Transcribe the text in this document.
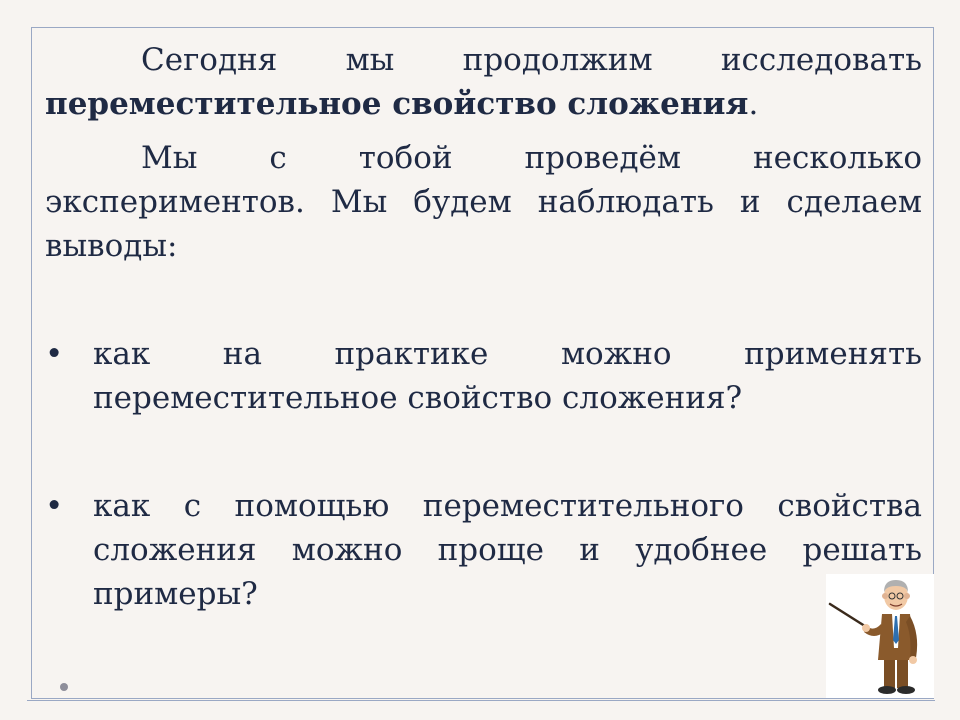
Сегодня мы продолжим исследовать переместительное свойство сложения.

Мы с тобой проведём несколько экспериментов. Мы будем наблюдать и сделаем выводы:

• как на практике можно применять переместительное свойство сложения?

• как с помощью переместительного свойства сложения можно проще и удобнее решать примеры?
